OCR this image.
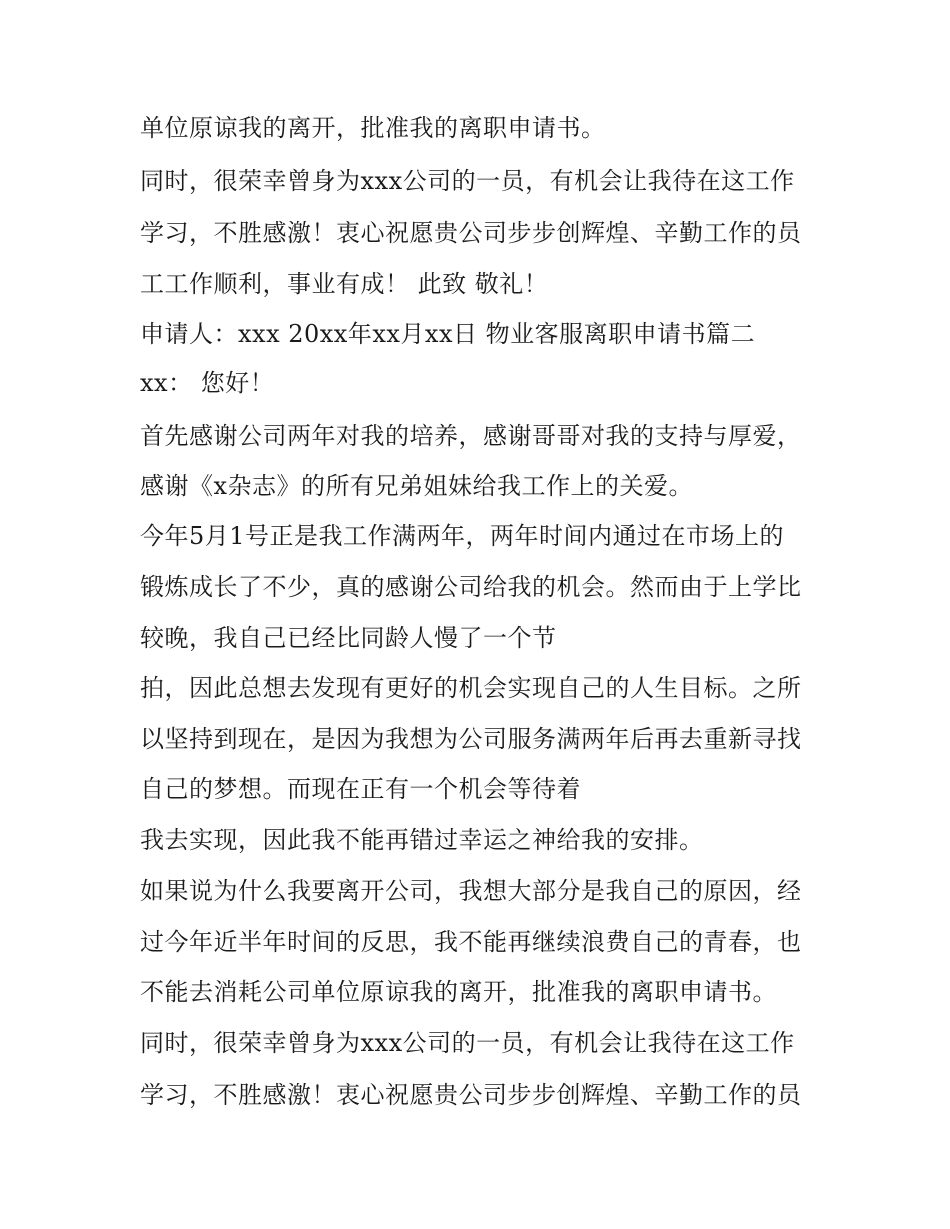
单位原谅我的离开，批准我的离职申请书。
同时，很荣幸曾身为xxx公司的一员，有机会让我待在这工作
学习，不胜感激！衷心祝愿贵公司步步创辉煌、辛勤工作的员
工工作顺利，事业有成！ 此致 敬礼！
申请人：xxx 20xx年xx月xx日 物业客服离职申请书篇二
xx： 您好！
首先感谢公司两年对我的培养，感谢哥哥对我的支持与厚爱，
感谢《x杂志》的所有兄弟姐妹给我工作上的关爱。
今年5月1号正是我工作满两年，两年时间内通过在市场上的
锻炼成长了不少，真的感谢公司给我的机会。然而由于上学比
较晚，我自己已经比同龄人慢了一个节
拍，因此总想去发现有更好的机会实现自己的人生目标。之所
以坚持到现在，是因为我想为公司服务满两年后再去重新寻找
自己的梦想。而现在正有一个机会等待着
我去实现，因此我不能再错过幸运之神给我的安排。
如果说为什么我要离开公司，我想大部分是我自己的原因，经
过今年近半年时间的反思，我不能再继续浪费自己的青春，也
不能去消耗公司单位原谅我的离开，批准我的离职申请书。
同时，很荣幸曾身为xxx公司的一员，有机会让我待在这工作
学习，不胜感激！衷心祝愿贵公司步步创辉煌、辛勤工作的员
